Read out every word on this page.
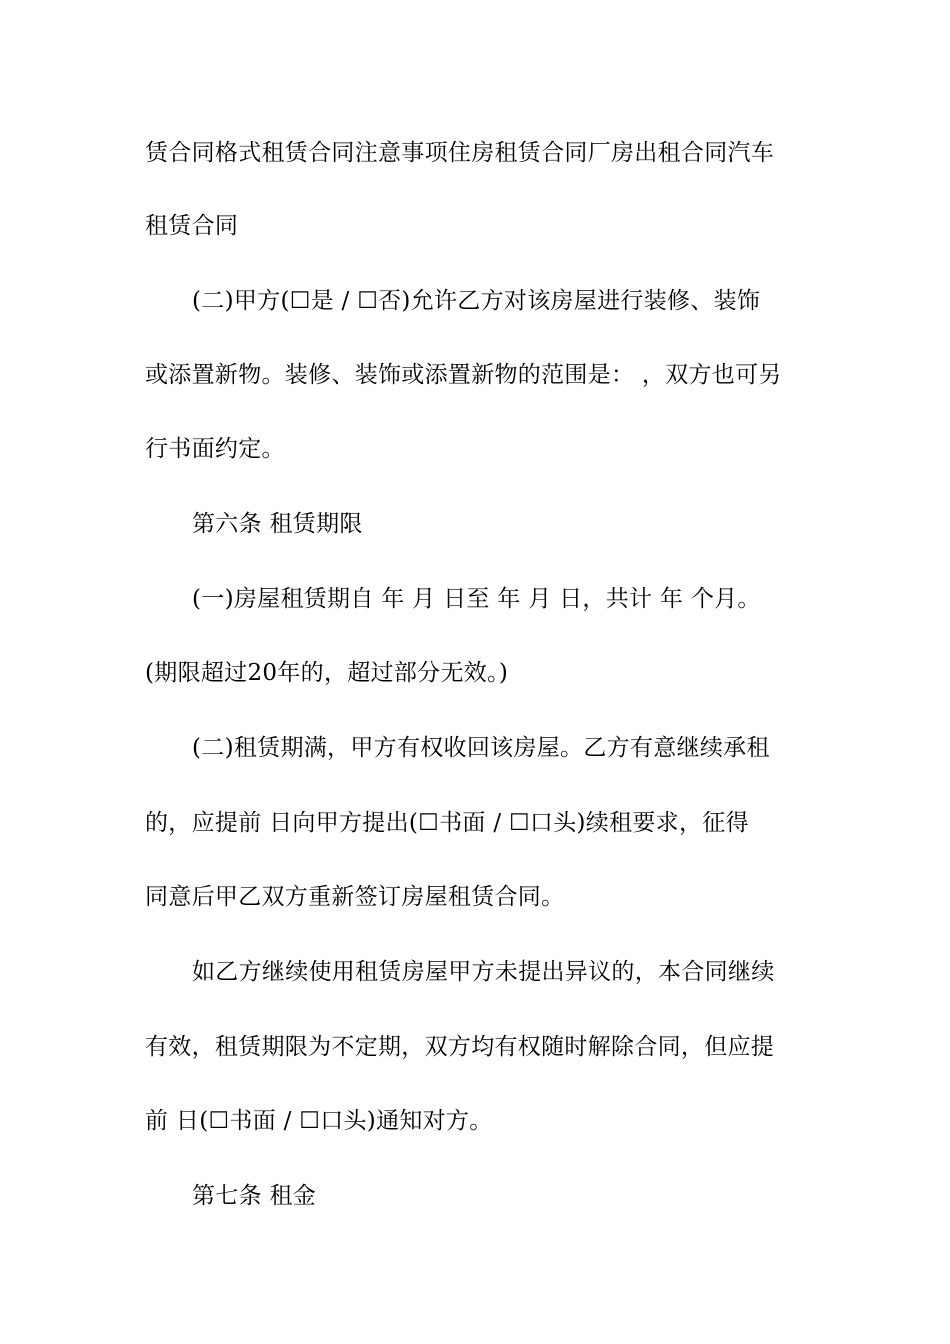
赁合同格式租赁合同注意事项住房租赁合同厂房出租合同汽车
租赁合同
(二)甲方(☐是 / ☐否)允许乙方对该房屋进行装修、装饰
或添置新物。装修、装饰或添置新物的范围是： ，双方也可另
行书面约定。
第六条 租赁期限
(一)房屋租赁期自 年 月 日至 年 月 日，共计 年 个月。
(期限超过20年的，超过部分无效。)
(二)租赁期满，甲方有权收回该房屋。乙方有意继续承租
的，应提前 日向甲方提出(☐书面 / ☐口头)续租要求，征得
同意后甲乙双方重新签订房屋租赁合同。
如乙方继续使用租赁房屋甲方未提出异议的，本合同继续
有效，租赁期限为不定期，双方均有权随时解除合同，但应提
前 日(☐书面 / ☐口头)通知对方。
第七条 租金
